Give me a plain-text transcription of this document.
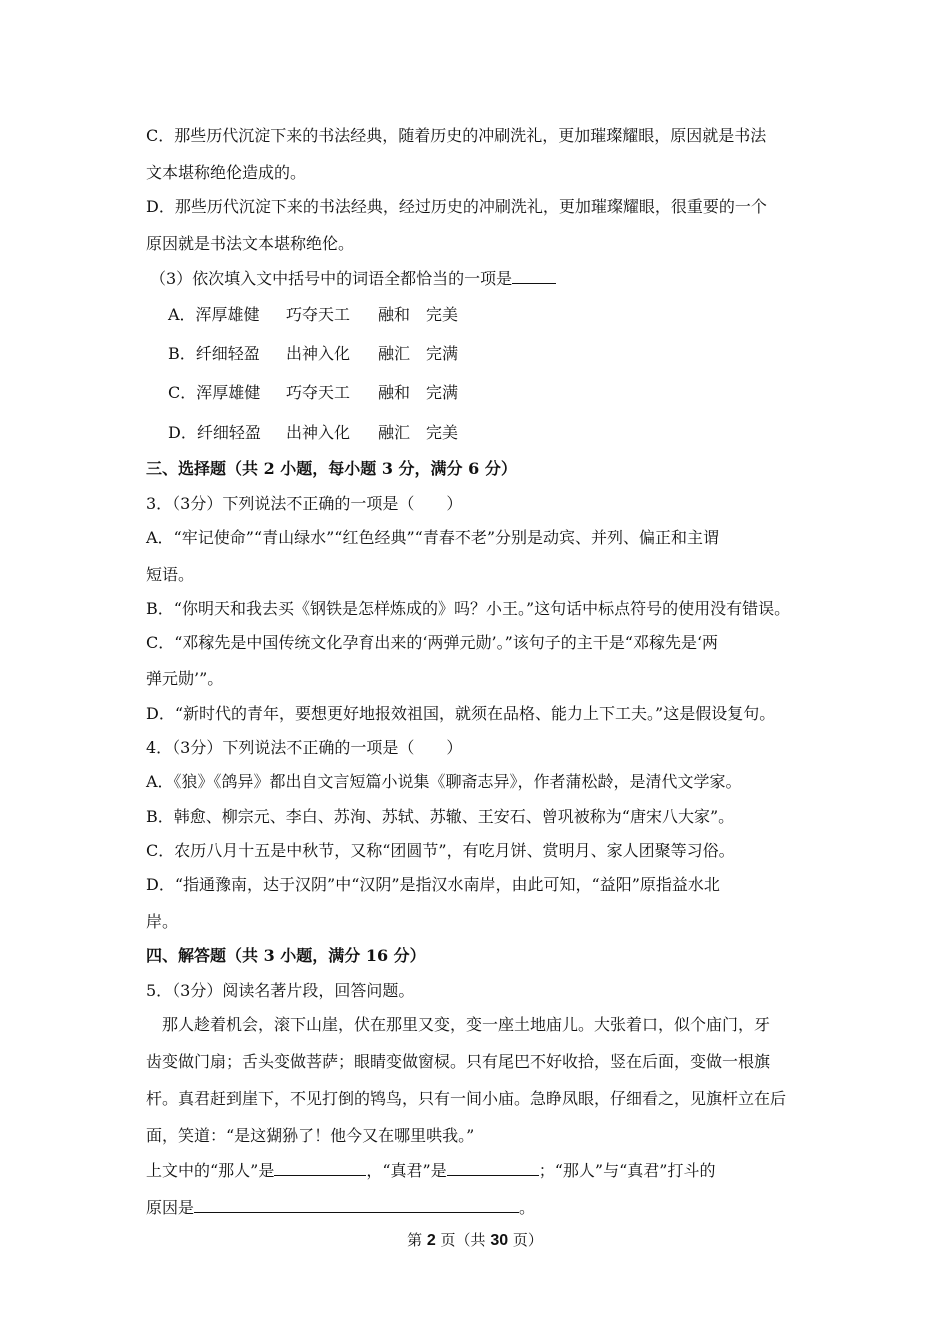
C．那些历代沉淀下来的书法经典，随着历史的冲刷洗礼，更加璀璨耀眼，原因就是书法
文本堪称绝伦造成的。
D．那些历代沉淀下来的书法经典，经过历史的冲刷洗礼，更加璀璨耀眼，很重要的一个
原因就是书法文本堪称绝伦。
（3）依次填入文中括号中的词语全都恰当的一项是
A．浑厚雄健 巧夺天工 融和 完美
B．纤细轻盈 出神入化 融汇 完满
C．浑厚雄健 巧夺天工 融和 完满
D．纤细轻盈 出神入化 融汇 完美
三、选择题（共 2 小题，每小题 3 分，满分 6 分）
3．（3分）下列说法不正确的一项是（　　）
A．“牢记使命”“青山绿水”“红色经典”“青春不老”分别是动宾、并列、偏正和主谓
短语。
B．“你明天和我去买《钢铁是怎样炼成的》吗？小王。”这句话中标点符号的使用没有错误。
C．“邓稼先是中国传统文化孕育出来的‘两弹元勋’。”该句子的主干是“邓稼先是‘两
弹元勋’”。
D．“新时代的青年，要想更好地报效祖国，就须在品格、能力上下工夫。”这是假设复句。
4．（3分）下列说法不正确的一项是（　　）
A．《狼》《鸽异》都出自文言短篇小说集《聊斋志异》，作者蒲松龄，是清代文学家。
B．韩愈、柳宗元、李白、苏洵、苏轼、苏辙、王安石、曾巩被称为“唐宋八大家”。
C．农历八月十五是中秋节，又称“团圆节”，有吃月饼、赏明月、家人团聚等习俗。
D．“指通豫南，达于汉阴”中“汉阴”是指汉水南岸，由此可知，“益阳”原指益水北
岸。
四、解答题（共 3 小题，满分 16 分）
5．（3分）阅读名著片段，回答问题。
那人趁着机会，滚下山崖，伏在那里又变，变一座土地庙儿。大张着口，似个庙门，牙
齿变做门扇；舌头变做菩萨；眼睛变做窗棂。只有尾巴不好收拾，竖在后面，变做一根旗
杆。真君赶到崖下，不见打倒的鸨鸟，只有一间小庙。急睁凤眼，仔细看之，见旗杆立在后
面，笑道：“是这猢狲了！他今又在哪里哄我。”
上文中的“那人”是	，“真君”是	；“那人”与“真君”打斗的
原因是	。
第 2 页（共 30 页）
